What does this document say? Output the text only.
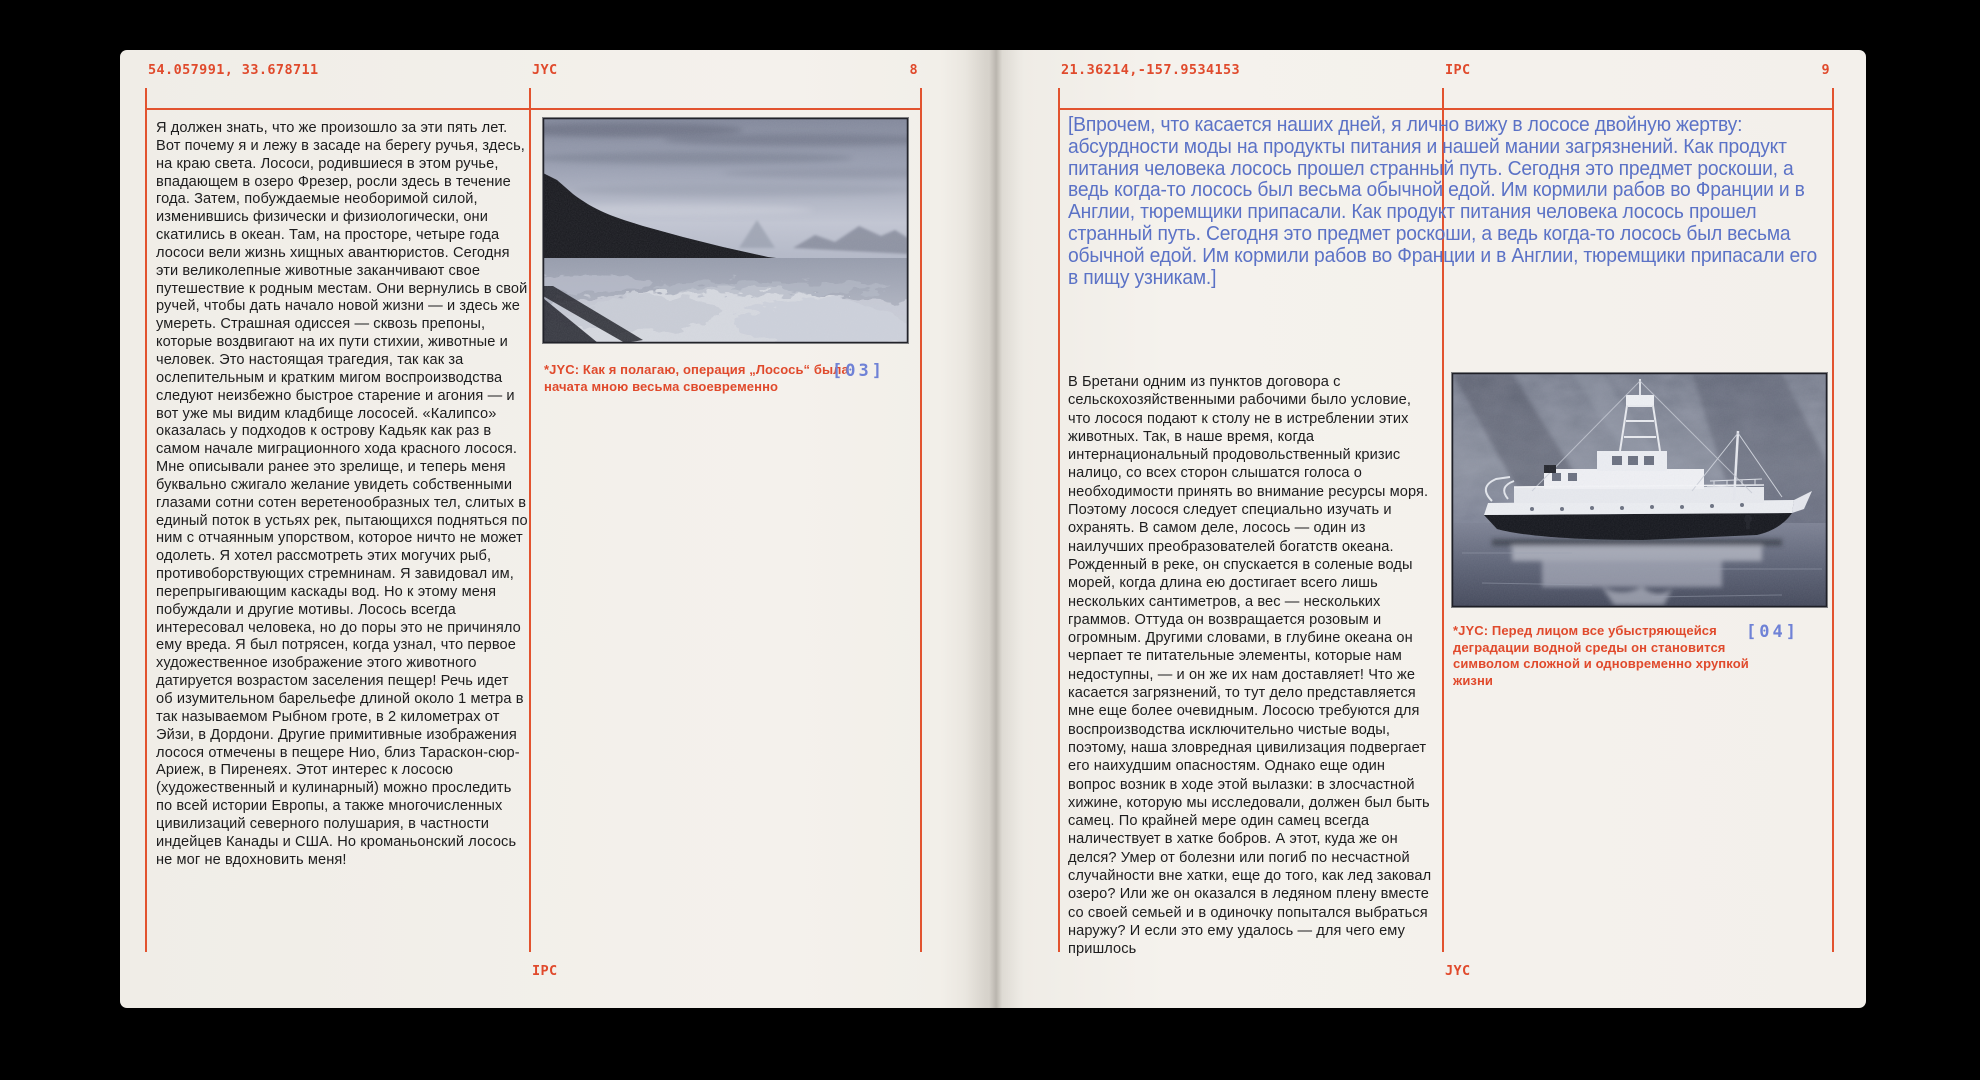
54.057991, 33.678711	JYC	8
Я должен знать, что же произошло за эти пять лет. Вот почему я и лежу в засаде на берегу ручья, здесь, на краю света. Лососи, родившиеся в этом ручье, впадающем в озеро Фрезер, росли здесь в течение года. Затем, побуждаемые необоримой силой, изменившись физически и физиологически, они скатились в океан. Там, на просторе, четыре года лососи вели жизнь хищных авантюристов. Сегодня эти великолепные животные заканчивают свое путешествие к родным местам. Они вернулись в свой ручей, чтобы дать начало новой жизни — и здесь же умереть. Страшная одиссея — сквозь препоны, которые воздвигают на их пути стихии, животные и человек. Это настоящая трагедия, так как за ослепительным и кратким мигом воспроизводства следуют неизбежно быстрое старение и агония — и вот уже мы видим кладбище лососей. «Калипсо» оказалась у подходов к острову Кадьяк как раз в самом начале миграционного хода красного лосося. Мне описывали ранее это зрелище, и теперь меня буквально сжигало желание увидеть собственными глазами сотни сотен веретенообразных тел, слитых в единый поток в устьях рек, пытающихся подняться по ним с отчаянным упорством, которое ничто не может одолеть. Я хотел рассмотреть этих могучих рыб, противоборствующих стремнинам. Я завидовал им, перепрыгивающим каскады вод. Но к этому меня побуждали и другие мотивы. Лосось всегда интересовал человека, но до поры это не причиняло ему вреда. Я был потрясен, когда узнал, что первое художественное изображение этого животного датируется возрастом заселения пещер! Речь идет об изумительном барельефе длиной около 1 метра в так называемом Рыбном гроте, в 2 километрах от Эйзи, в Дордони. Другие примитивные изображения лосося отмечены в пещере Нио, близ Тараскон-сюр-Ариеж, в Пиренеях. Этот интерес к лососю (художественный и кулинарный) можно проследить по всей истории Европы, а также многочисленных цивилизаций северного полушария, в частности индейцев Канады и США. Но кроманьонский лосось не мог не вдохновить меня!
*JYC: Как я полагаю, операция „Лосось“ была начата мною весьма своевременно
[03]
IPC
21.36214,-157.9534153	IPC	9
[Впрочем, что касается наших дней, я лично вижу в лососе двойную жертву: абсурдности моды на продукты питания и нашей мании загрязнений. Как продукт питания человека лосось прошел странный путь. Сегодня это предмет роскоши, а ведь когда-то лосось был весьма обычной едой. Им кормили рабов во Франции и в Англии, тюремщики припасали. Как продукт питания человека лосось прошел странный путь. Сегодня это предмет роскоши, а ведь когда-то лосось был весьма обычной едой. Им кормили рабов во Франции и в Англии, тюремщики припасали его в пищу узникам.]
В Бретани одним из пунктов договора с сельскохозяйственными рабочими было условие, что лосося подают к столу не в истреблении этих животных. Так, в наше время, когда интернациональный продовольственный кризис налицо, со всех сторон слышатся голоса о необходимости принять во внимание ресурсы моря. Поэтому лосося следует специально изучать и охранять. В самом деле, лосось — один из наилучших преобразователей богатств океана. Рожденный в реке, он спускается в соленые воды морей, когда длина ею достигает всего лишь нескольких сантиметров, а вес — нескольких граммов. Оттуда он возвращается розовым и огромным. Другими словами, в глубине океана он черпает те питательные элементы, которые нам недоступны, — и он же их нам доставляет! Что же касается загрязнений, то тут дело представляется мне еще более очевидным. Лососю требуются для воспроизводства исключительно чистые воды, поэтому, наша зловредная цивилизация подвергает его наихудшим опасностям. Однако еще один вопрос возник в ходе этой вылазки: в злосчастной хижине, которую мы исследовали, должен был быть самец. По крайней мере один самец всегда наличествует в хатке бобров. А этот, куда же он делся? Умер от болезни или погиб по несчастной случайности вне хатки, еще до того, как лед заковал озеро? Или же он оказался в ледяном плену вместе со своей семьей и в одиночку попытался выбраться наружу? И если это ему удалось — для чего ему пришлось
*JYC: Перед лицом все убыстряющейся деградации водной среды он становится символом сложной и одновременно хрупкой жизни
[04]
JYC
